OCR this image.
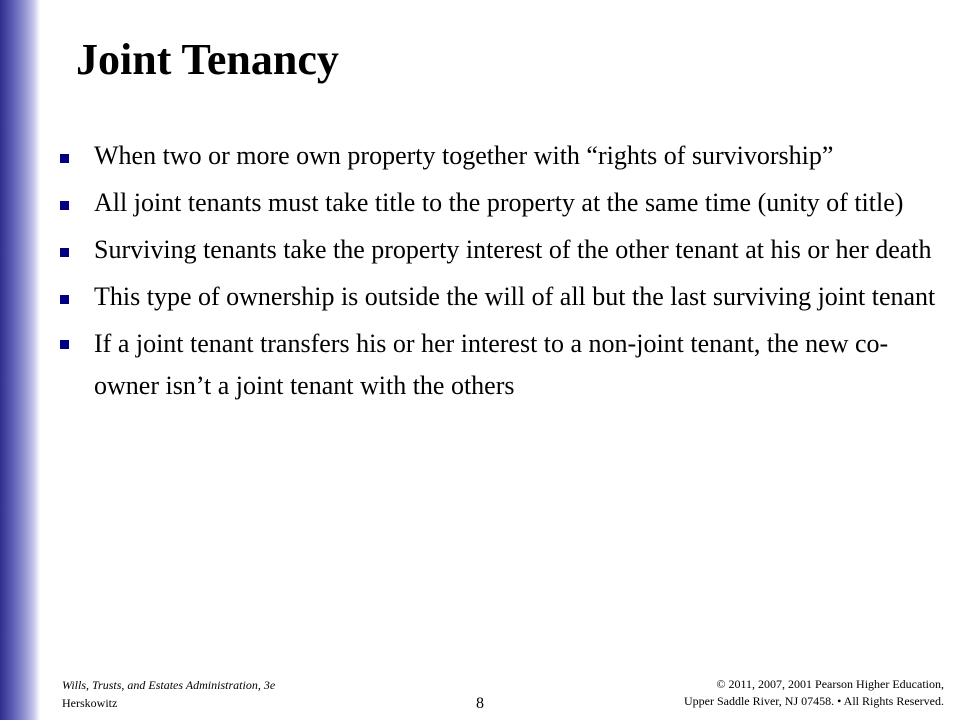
Joint Tenancy
When two or more own property together with “rights of survivorship”
All joint tenants must take title to the property at the same time (unity of title)
Surviving tenants take the property interest of the other tenant at his or her death
This type of ownership is outside the will of all but the last surviving joint tenant
If a joint tenant transfers his or her interest to a non-joint tenant, the new co-owner isn’t a joint tenant with the others
Wills, Trusts, and Estates Administration, 3e
Herskowitz	8
© 2011, 2007, 2001 Pearson Higher Education,
Upper Saddle River, NJ 07458. • All Rights Reserved.
